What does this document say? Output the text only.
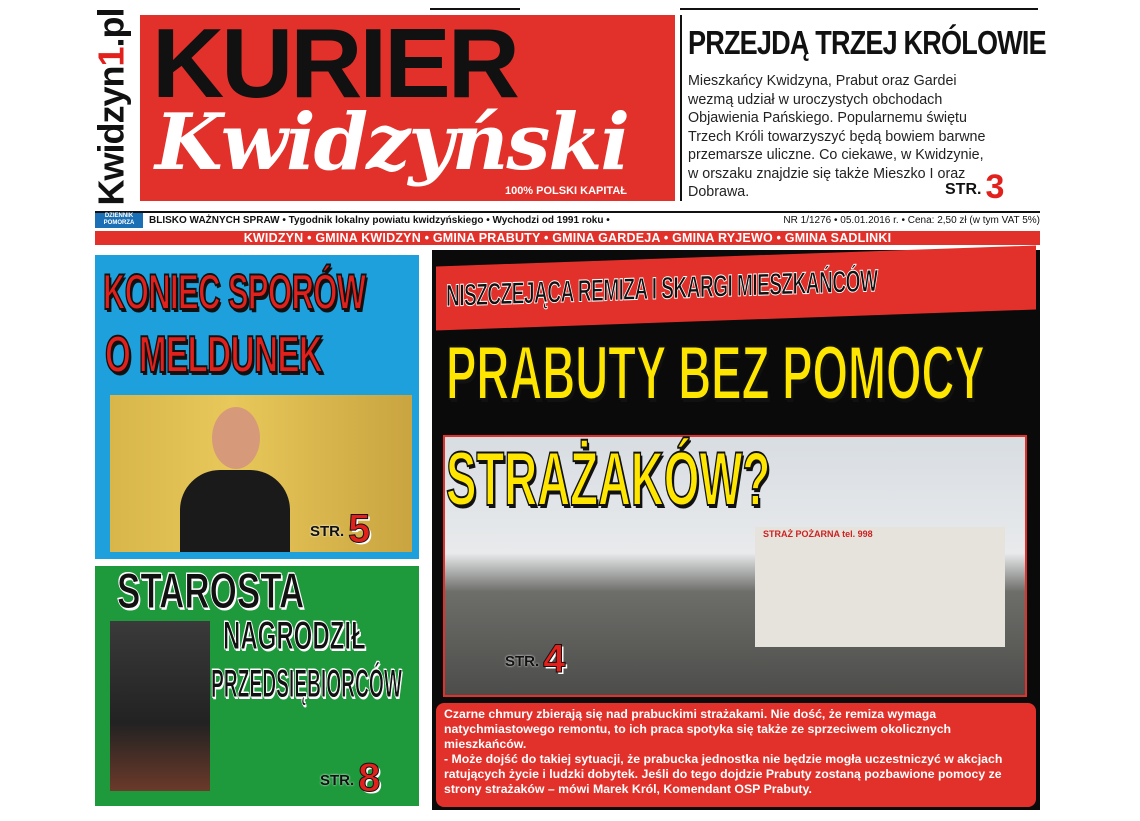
Kwidzyn1.pl KURIER
Kwidzyński
100% POLSKI KAPITAŁ
PRZEJDĄ TRZEJ KRÓLOWIE
Mieszkańcy Kwidzyna, Prabut oraz Gardei wezmą udział w uroczystych obchodach Objawienia Pańskiego. Popularnemu świętu Trzech Króli towarzyszyć będą bowiem barwne przemarsze uliczne. Co ciekawe, w Kwidzynie, w orszaku znajdzie się także Mieszko I oraz Dobrawa.	STR. 3
DZIENNIK POMORZA	BLISKO WAŻNYCH SPRAW • Tygodnik lokalny powiatu kwidzyńskiego • Wychodzi od 1991 roku •	NR 1/1276 • 05.01.2016 r. • Cena: 2,50 zł (w tym VAT 5%)
KWIDZYN • GMINA KWIDZYN • GMINA PRABUTY • GMINA GARDEJA • GMINA RYJEWO • GMINA SADLINKI
KONIEC SPORÓW
O MELDUNEK
STR. 5
STAROSTA
NAGRODZIŁ
PRZEDSIĘBIORCÓW
STR. 8
NISZCZEJĄCA REMIZA I SKARGI MIESZKAŃCÓW
STRAŻ POŻARNA tel. 998
STR. 4
PRABUTY BEZ POMOCY
STRAŻAKÓW?
Czarne chmury zbierają się nad prabuckimi strażakami. Nie dość, że remiza wymaga natychmiastowego remontu, to ich praca spotyka się także ze sprzeciwem okolicznych mieszkańców.
- Może dojść do takiej sytuacji, że prabucka jednostka nie będzie mogła uczestniczyć w akcjach ratujących życie i ludzki dobytek. Jeśli do tego dojdzie Prabuty zostaną pozbawione pomocy ze strony strażaków – mówi Marek Król, Komendant OSP Prabuty.
